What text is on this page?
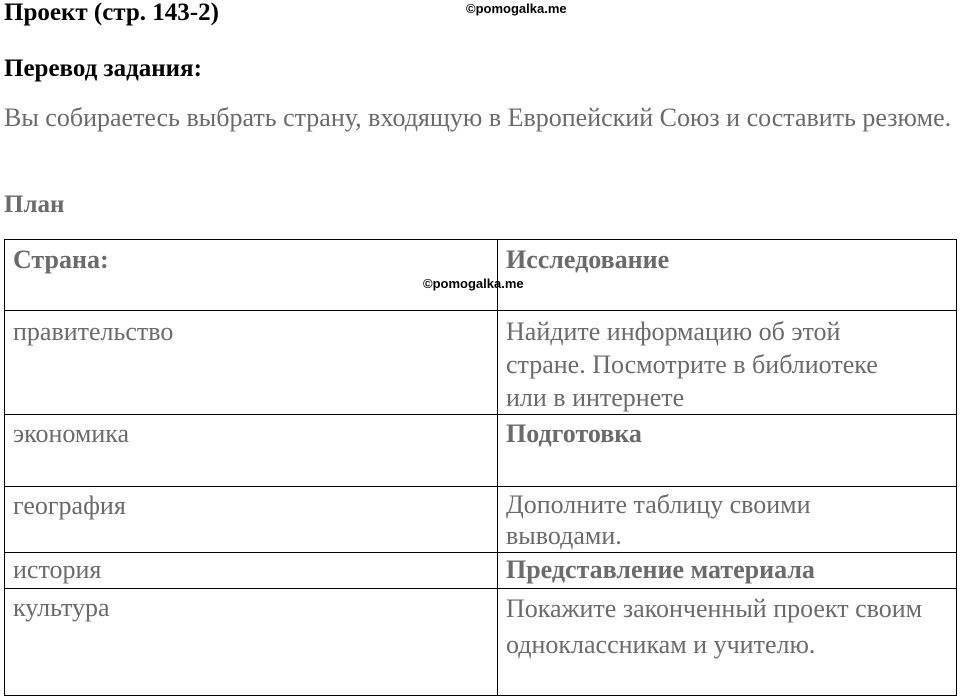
Проект (стр. 143-2)	©pomogalka.me
Перевод задания:
Вы собираетесь выбрать страну, входящую в Европейский Союз и составить резюме.
План
Страна:	Исследование
правительство	Найдите информацию об этой стране. Посмотрите в библиотеке или в интернете
экономика	Подготовка
география	Дополните таблицу своими выводами.
история	Представление материала
культура	Покажите законченный проект своим одноклассникам и учителю.
©pomogalka.me
